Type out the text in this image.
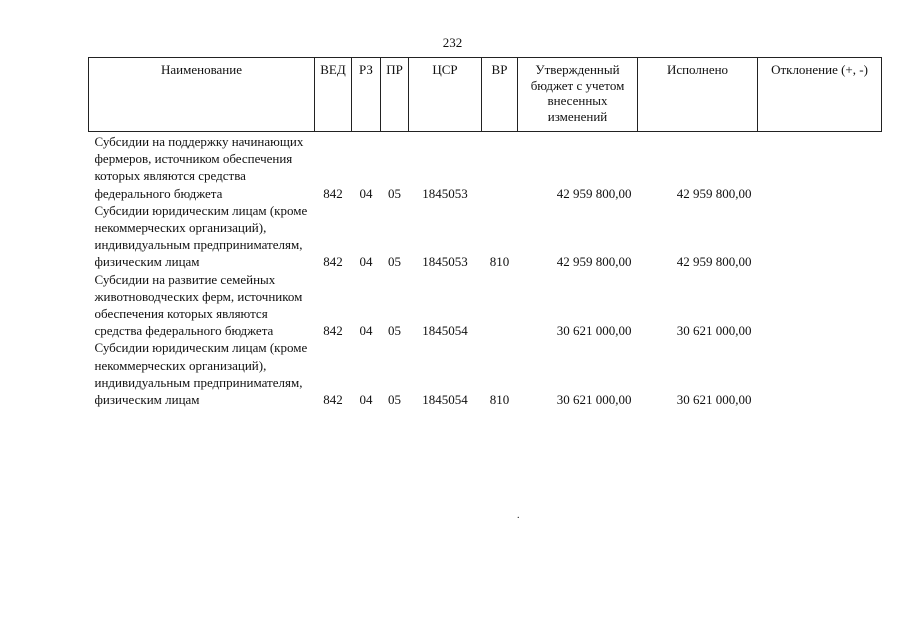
232
Наименование	ВЕД	РЗ	ПР	ЦСР	ВР	Утвержденный бюджет с учетом внесенных изменений	Исполнено	Отклонение (+, -)
Субсидии на поддержку начинающих фермеров, источником обеспечения которых являются средства федерального бюджета	842	04	05	1845053		42 959 800,00	42 959 800,00	
Субсидии юридическим лицам (кроме некоммерческих организаций), индивидуальным предпринимателям, физическим лицам	842	04	05	1845053	810	42 959 800,00	42 959 800,00	
Субсидии на развитие семейных животноводческих ферм, источником обеспечения которых являются средства федерального бюджета	842	04	05	1845054		30 621 000,00	30 621 000,00	
Субсидии юридическим лицам (кроме некоммерческих организаций), индивидуальным предпринимателям, физическим лицам	842	04	05	1845054	810	30 621 000,00	30 621 000,00	
.
